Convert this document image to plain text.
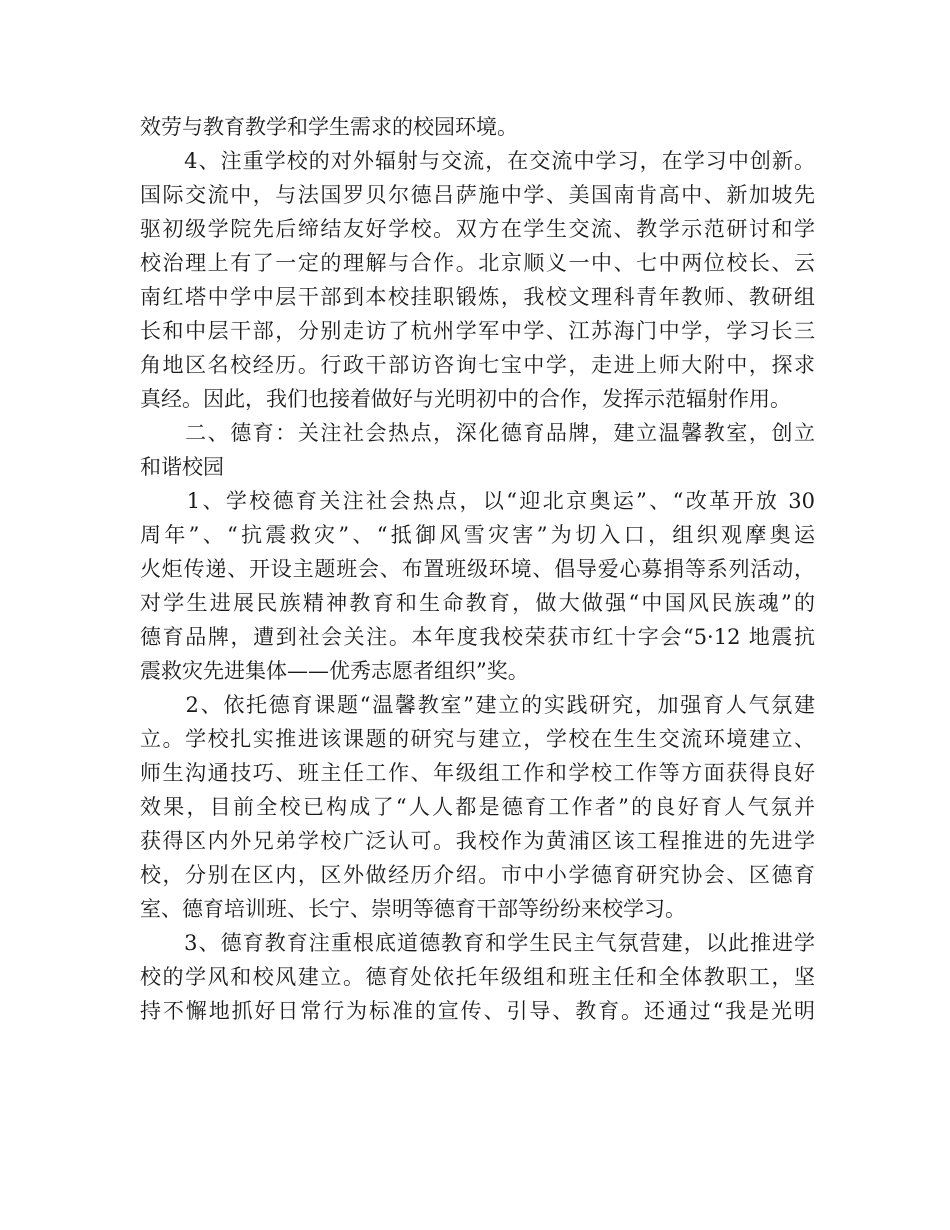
效劳与教育教学和学生需求的校园环境。
　　4、注重学校的对外辐射与交流，在交流中学习，在学习中创新。
国际交流中，与法国罗贝尔德吕萨施中学、美国南肯高中、新加坡先
驱初级学院先后缔结友好学校。双方在学生交流、教学示范研讨和学
校治理上有了一定的理解与合作。北京顺义一中、七中两位校长、云
南红塔中学中层干部到本校挂职锻炼，我校文理科青年教师、教研组
长和中层干部，分别走访了杭州学军中学、江苏海门中学，学习长三
角地区名校经历。行政干部访咨询七宝中学，走进上师大附中，探求
真经。因此，我们也接着做好与光明初中的合作，发挥示范辐射作用。
　　二、德育：关注社会热点，深化德育品牌，建立温馨教室，创立
和谐校园
　　1、学校德育关注社会热点，以“迎北京奥运”、“改革开放 30
周年”、“抗震救灾”、“抵御风雪灾害”为切入口，组织观摩奥运
火炬传递、开设主题班会、布置班级环境、倡导爱心募捐等系列活动，
对学生进展民族精神教育和生命教育，做大做强“中国风民族魂”的
德育品牌，遭到社会关注。本年度我校荣获市红十字会“5·12 地震抗
震救灾先进集体——优秀志愿者组织”奖。
　　2、依托德育课题“温馨教室”建立的实践研究，加强育人气氛建
立。学校扎实推进该课题的研究与建立，学校在生生交流环境建立、
师生沟通技巧、班主任工作、年级组工作和学校工作等方面获得良好
效果，目前全校已构成了“人人都是德育工作者”的良好育人气氛并
获得区内外兄弟学校广泛认可。我校作为黄浦区该工程推进的先进学
校，分别在区内，区外做经历介绍。市中小学德育研究协会、区德育
室、德育培训班、长宁、崇明等德育干部等纷纷来校学习。
　　3、德育教育注重根底道德教育和学生民主气氛营建，以此推进学
校的学风和校风建立。德育处依托年级组和班主任和全体教职工，坚
持不懈地抓好日常行为标准的宣传、引导、教育。还通过“我是光明
